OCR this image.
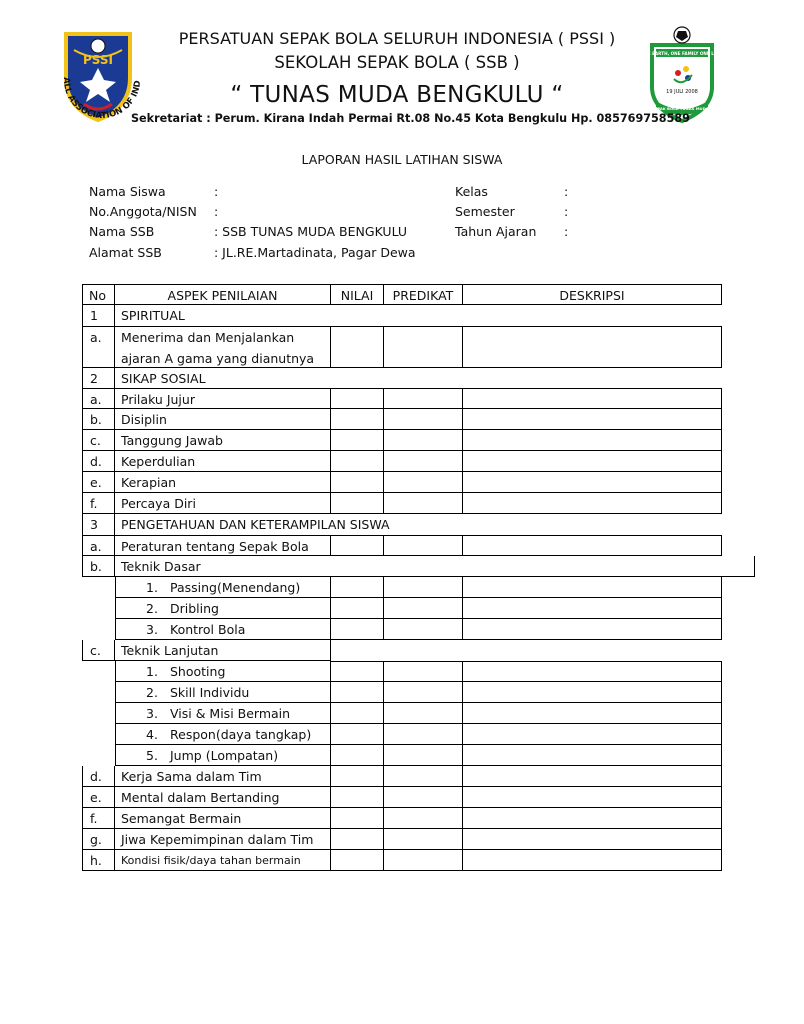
PSSI
ALL ASSOCIATION OF IND
ONE EARTH, ONE FAMILY ONE LOVE
19 JULI 2008
SEKOLAH SEPAK BOLA TUNAS MUDA BENGKULU
PERSATUAN SEPAK BOLA SELURUH INDONESIA ( PSSI )
SEKOLAH SEPAK BOLA ( SSB )
“ TUNAS MUDA BENGKULU “
Sekretariat : Perum. Kirana Indah Permai Rt.08 No.45 Kota Bengkulu Hp. 085769758589
LAPORAN HASIL LATIHAN SISWA
Nama Siswa	:
No.Anggota/NISN :
Nama SSB	: SSB TUNAS MUDA BENGKULU
Alamat SSB	: JL.RE.Martadinata, Pagar Dewa
Kelas	:
Semester	:
Tahun Ajaran :
No	ASPEK PENILAIAN	NILAI	PREDIKAT	DESKRIPSI
1	SPIRITUAL
a.	Menerima dan Menjalankan
ajaran A gama yang dianutnya
2	SIKAP SOSIAL
a.	Prilaku Jujur
b.	Disiplin
c.	Tanggung Jawab
d.	Keperdulian
e.	Kerapian
f.	Percaya Diri
3	PENGETAHUAN DAN KETERAMPILAN SISWA
a.	Peraturan tentang Sepak Bola
b.	Teknik Dasar
1. Passing(Menendang)
2. Dribling
3. Kontrol Bola
c.	Teknik Lanjutan
1. Shooting
2. Skill Individu
3. Visi & Misi Bermain
4. Respon(daya tangkap)
5. Jump (Lompatan)
d.	Kerja Sama dalam Tim
e.	Mental dalam Bertanding
f.	Semangat Bermain
g.	Jiwa Kepemimpinan dalam Tim
h.	Kondisi fisik/daya tahan bermain
